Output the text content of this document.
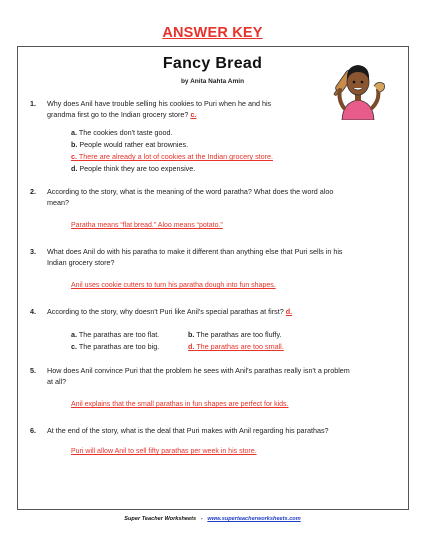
ANSWER KEY
Fancy Bread
by Anita Nahta Amin
1. Why does Anil have trouble selling his cookies to Puri when he and his
grandma first go to the Indian grocery store? c.
a. The cookies don't taste good.
b. People would rather eat brownies.
c. There are already a lot of cookies at the Indian grocery store.
d. People think they are too expensive.
2. According to the story, what is the meaning of the word paratha? What does the word aloo
mean?
Paratha means “flat bread.” Aloo means “potato.”
3. What does Anil do with his paratha to make it different than anything else that Puri sells in his
Indian grocery store?
Anil uses cookie cutters to turn his paratha dough into fun shapes.
4. According to the story, why doesn't Puri like Anil's special parathas at first? d.
a. The parathas are too flat.	b. The parathas are too fluffy.
c. The parathas are too big.	d. The parathas are too small.
5. How does Anil convince Puri that the problem he sees with Anil's parathas really isn't a problem
at all?
Anil explains that the small parathas in fun shapes are perfect for kids.
6. At the end of the story, what is the deal that Puri makes with Anil regarding his parathas?
Puri will allow Anil to sell fifty parathas per week in his store.
Super Teacher Worksheets - www.superteacherworksheets.com
